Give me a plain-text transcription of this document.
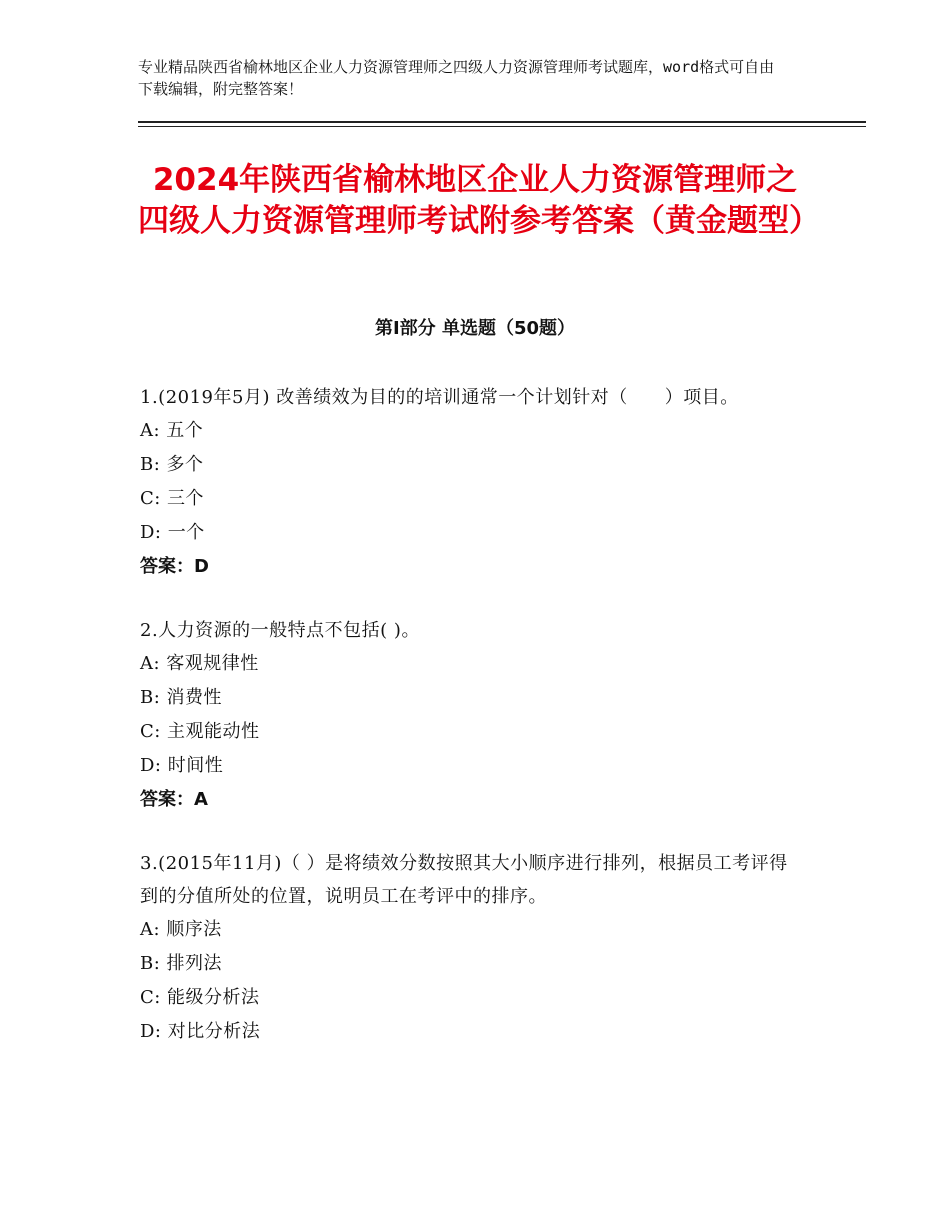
专业精品陕西省榆林地区企业人力资源管理师之四级人力资源管理师考试题库，word格式可自由下载编辑，附完整答案！
2024年陕西省榆林地区企业人力资源管理师之四级人力资源管理师考试附参考答案（黄金题型）
第Ⅰ部分 单选题（50题）
1.(2019年5月) 改善绩效为目的的培训通常一个计划针对（　　）项目。
A: 五个
B: 多个
C: 三个
D: 一个
答案：D
2.人力资源的一般特点不包括( )。
A: 客观规律性
B: 消费性
C: 主观能动性
D: 时间性
答案：A
3.(2015年11月)（ ）是将绩效分数按照其大小顺序进行排列，根据员工考评得到的分值所处的位置，说明员工在考评中的排序。
A: 顺序法
B: 排列法
C: 能级分析法
D: 对比分析法
